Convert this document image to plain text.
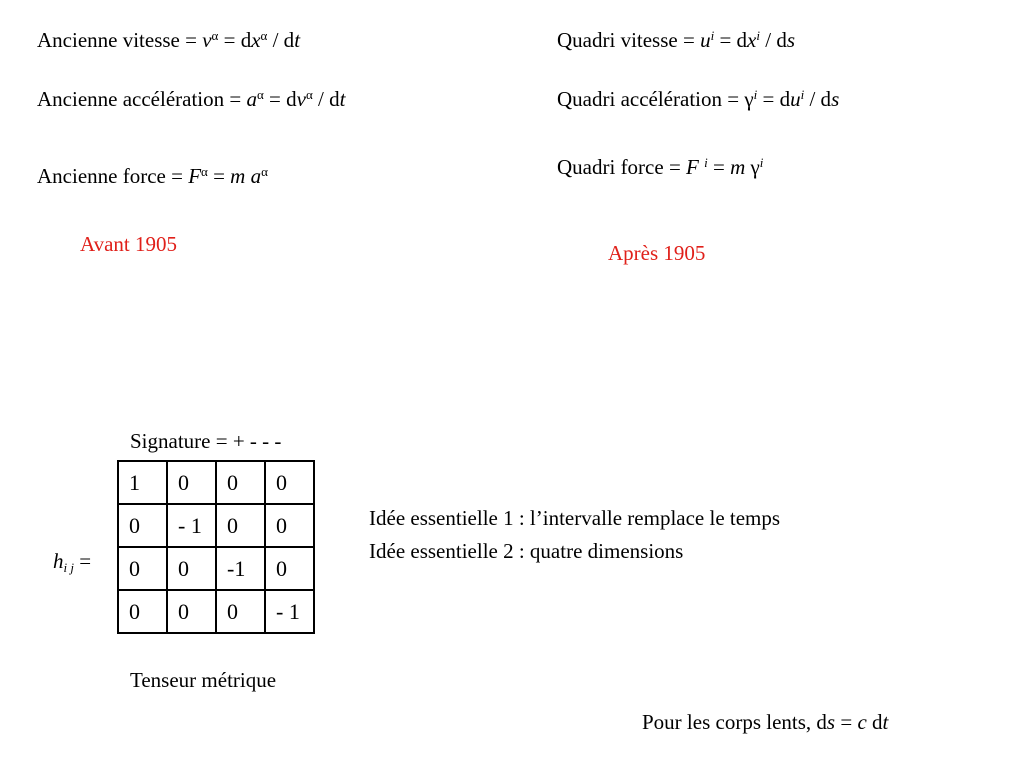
Ancienne vitesse = $v^\alpha = dx^\alpha$ / dt
Ancienne accélération = $a^\alpha = dv^\alpha$ / dt
Ancienne force = $F^\alpha = m$ $a^\alpha$
Avant 1905
Quadri vitesse = $u^i = dx^i$ / ds
Quadri accélération = $\gamma^i = du^i$ / ds
Quadri force = F $^i$ = m $\gamma^i$
Après 1905
Signature = + - - -
$h_{i j}$ =
1	0	0	0
0	- 1	0	0
0	0	-1	0
0	0	0	- 1
Tenseur métrique
Idée essentielle 1 : l’intervalle remplace le temps
Idée essentielle 2 : quatre dimensions
Pour les corps lents, ds = c dt
